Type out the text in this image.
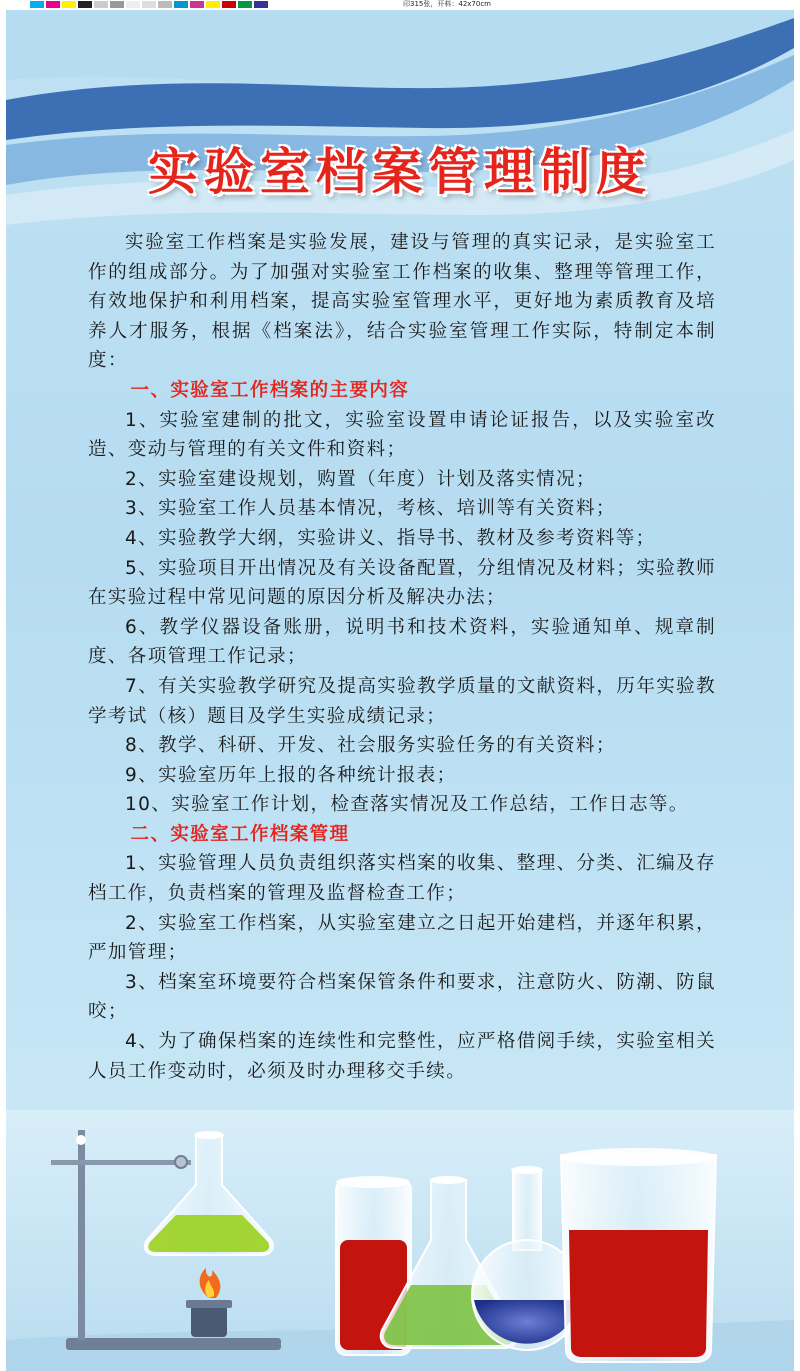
印315张，开料：42x70cm
实验室档案管理制度

实验室工作档案是实验发展，建设与管理的真实记录，是实验室工作的组成部分。为了加强对实验室工作档案的收集、整理等管理工作，有效地保护和利用档案，提高实验室管理水平，更好地为素质教育及培养人才服务，根据《档案法》，结合实验室管理工作实际，特制定本制度：

一、实验室工作档案的主要内容

1、实验室建制的批文，实验室设置申请论证报告，以及实验室改造、变动与管理的有关文件和资料；

2、实验室建设规划，购置（年度）计划及落实情况；

3、实验室工作人员基本情况，考核、培训等有关资料；

4、实验教学大纲，实验讲义、指导书、教材及参考资料等；

5、实验项目开出情况及有关设备配置，分组情况及材料；实验教师在实验过程中常见问题的原因分析及解决办法；

6、教学仪器设备账册，说明书和技术资料，实验通知单、规章制度、各项管理工作记录；

7、有关实验教学研究及提高实验教学质量的文献资料，历年实验教学考试（核）题目及学生实验成绩记录；

8、教学、科研、开发、社会服务实验任务的有关资料；

9、实验室历年上报的各种统计报表；

10、实验室工作计划，检查落实情况及工作总结，工作日志等。

二、实验室工作档案管理

1、实验管理人员负责组织落实档案的收集、整理、分类、汇编及存档工作，负责档案的管理及监督检查工作；

2、实验室工作档案，从实验室建立之日起开始建档，并逐年积累，严加管理；

3、档案室环境要符合档案保管条件和要求，注意防火、防潮、防鼠咬；

4、为了确保档案的连续性和完整性，应严格借阅手续，实验室相关人员工作变动时，必须及时办理移交手续。
